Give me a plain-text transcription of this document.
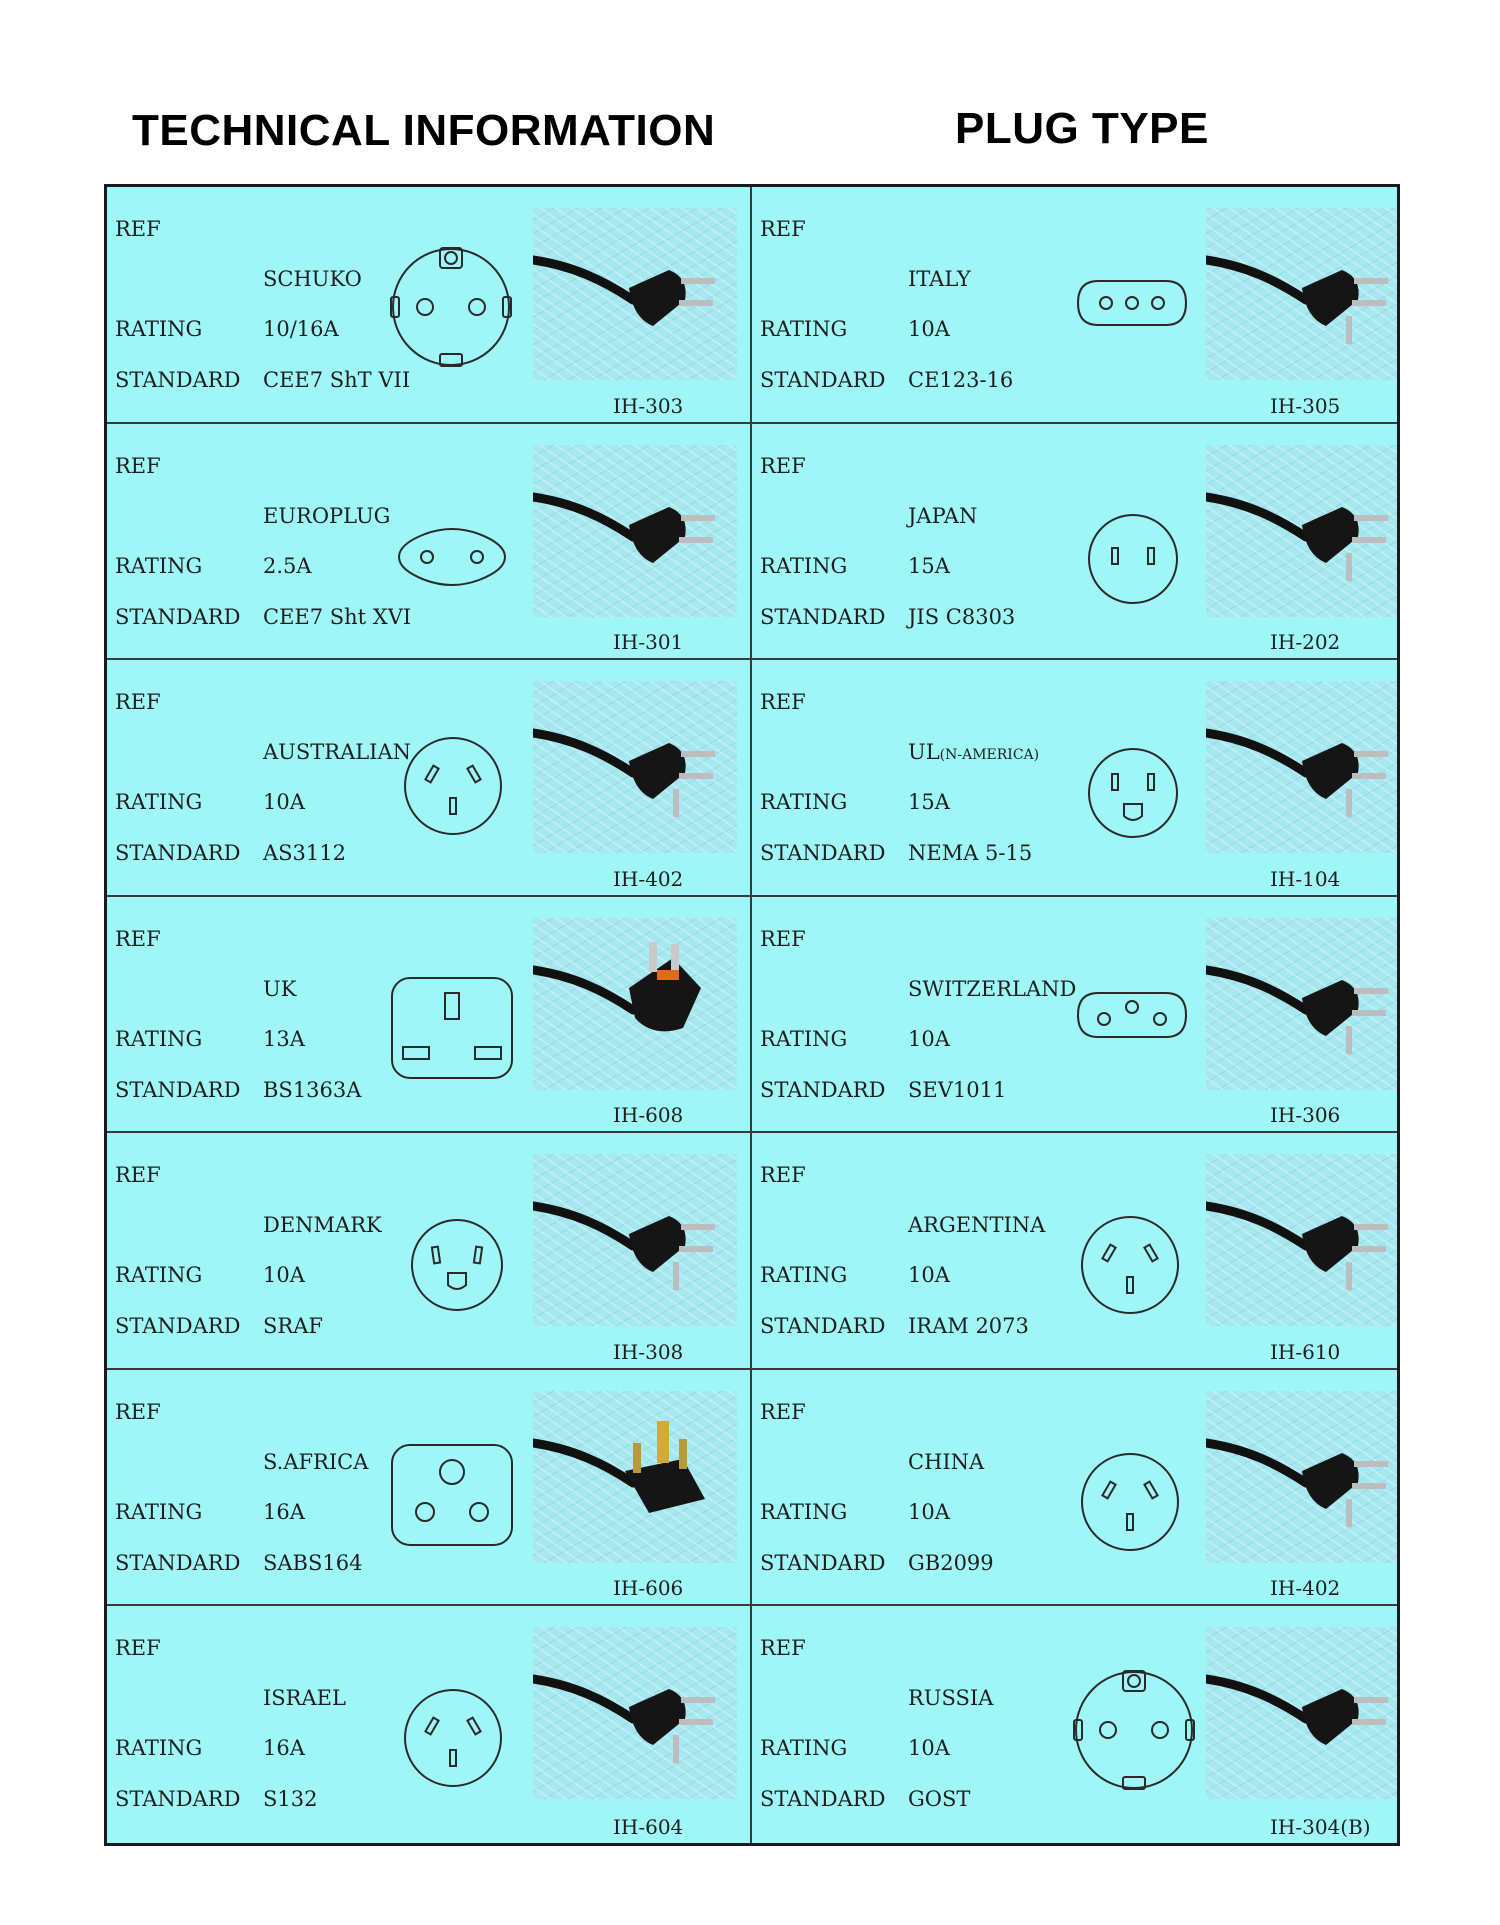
TECHNICAL INFORMATION	PLUG TYPE
REF
RATING
STANDARD
SCHUKO
10/16A
CEE7 ShT VII
IH-303
REF
RATING
STANDARD
ITALY
10A
CE123-16
IH-305
REF
RATING
STANDARD
EUROPLUG
2.5A
CEE7 Sht XVI
IH-301
REF
RATING
STANDARD
JAPAN
15A
JIS C8303
IH-202
REF
RATING
STANDARD
AUSTRALIAN
10A
AS3112
IH-402
REF
RATING
STANDARD
UL(N-AMERICA)
15A
NEMA 5-15
IH-104
REF
RATING
STANDARD
UK
13A
BS1363A
IH-608
REF
RATING
STANDARD
SWITZERLAND
10A
SEV1011
IH-306
REF
RATING
STANDARD
DENMARK
10A
SRAF
IH-308
REF
RATING
STANDARD
ARGENTINA
10A
IRAM 2073
IH-610
REF
RATING
STANDARD
S.AFRICA
16A
SABS164
IH-606
REF
RATING
STANDARD
CHINA
10A
GB2099
IH-402
REF
RATING
STANDARD
ISRAEL
16A
S132
IH-604
REF
RATING
STANDARD
RUSSIA
10A
GOST
IH-304(B)
